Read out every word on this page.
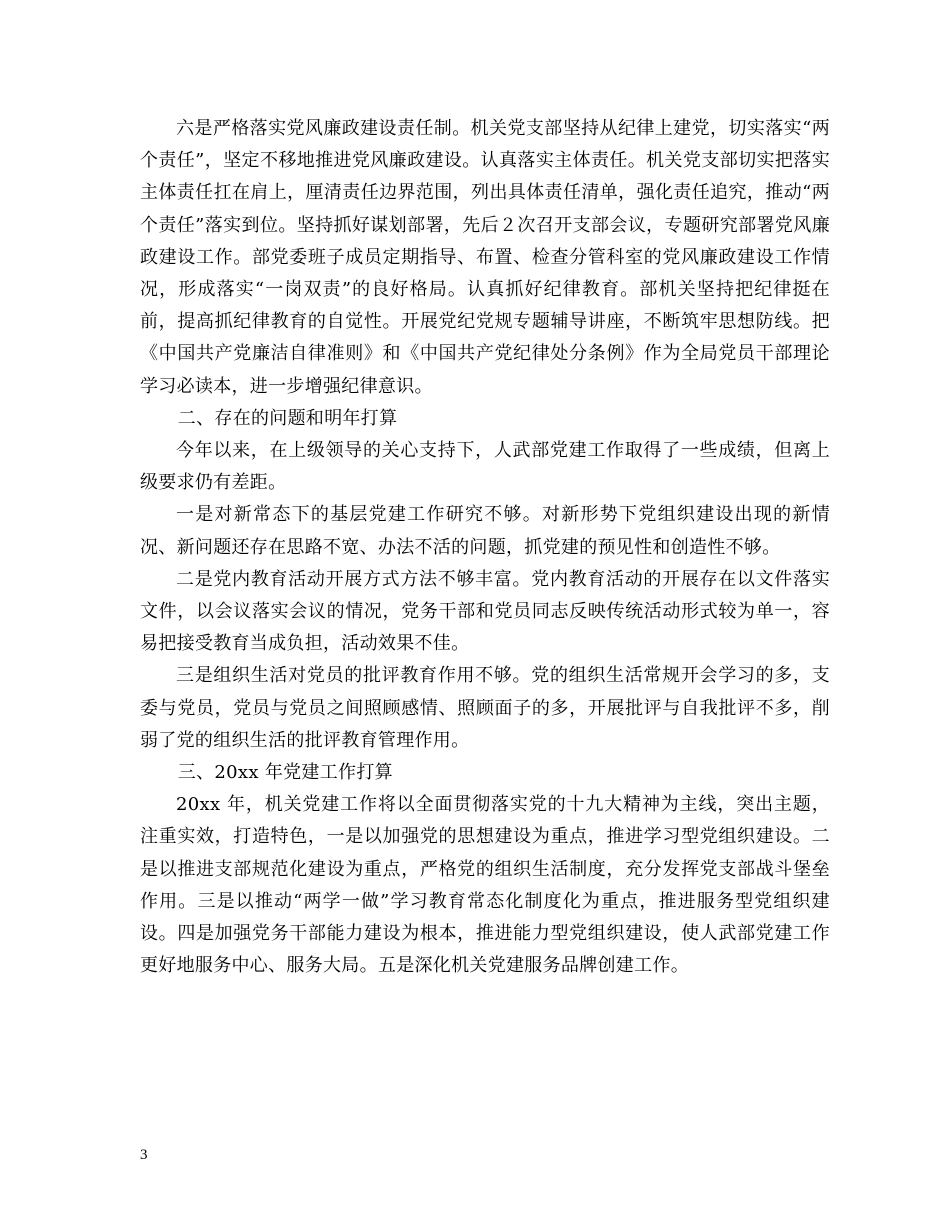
六是严格落实党风廉政建设责任制。机关党支部坚持从纪律上建党，切实落实“两个责任”，坚定不移地推进党风廉政建设。认真落实主体责任。机关党支部切实把落实主体责任扛在肩上，厘清责任边界范围，列出具体责任清单，强化责任追究，推动“两个责任”落实到位。坚持抓好谋划部署，先后２次召开支部会议，专题研究部署党风廉政建设工作。部党委班子成员定期指导、布置、检查分管科室的党风廉政建设工作情况，形成落实“一岗双责”的良好格局。认真抓好纪律教育。部机关坚持把纪律挺在前，提高抓纪律教育的自觉性。开展党纪党规专题辅导讲座，不断筑牢思想防线。把《中国共产党廉洁自律准则》和《中国共产党纪律处分条例》作为全局党员干部理论学习必读本，进一步增强纪律意识。

二、存在的问题和明年打算

今年以来，在上级领导的关心支持下，人武部党建工作取得了一些成绩，但离上级要求仍有差距。

一是对新常态下的基层党建工作研究不够。对新形势下党组织建设出现的新情况、新问题还存在思路不宽、办法不活的问题，抓党建的预见性和创造性不够。

二是党内教育活动开展方式方法不够丰富。党内教育活动的开展存在以文件落实文件，以会议落实会议的情况，党务干部和党员同志反映传统活动形式较为单一，容易把接受教育当成负担，活动效果不佳。

三是组织生活对党员的批评教育作用不够。党的组织生活常规开会学习的多，支委与党员，党员与党员之间照顾感情、照顾面子的多，开展批评与自我批评不多，削弱了党的组织生活的批评教育管理作用。

三、20xx 年党建工作打算

20xx 年，机关党建工作将以全面贯彻落实党的十九大精神为主线，突出主题，注重实效，打造特色，一是以加强党的思想建设为重点，推进学习型党组织建设。二是以推进支部规范化建设为重点，严格党的组织生活制度，充分发挥党支部战斗堡垒作用。三是以推动“两学一做”学习教育常态化制度化为重点，推进服务型党组织建设。四是加强党务干部能力建设为根本，推进能力型党组织建设，使人武部党建工作更好地服务中心、服务大局。五是深化机关党建服务品牌创建工作。

3
